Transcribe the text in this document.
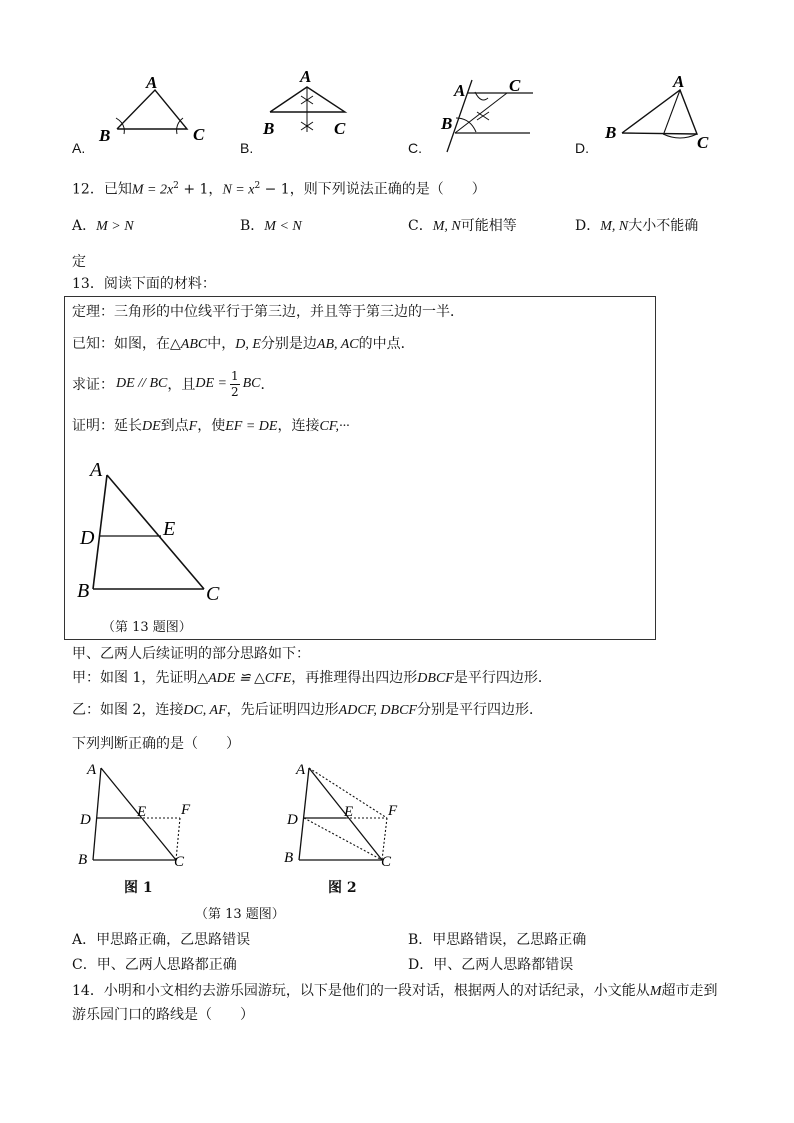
A
B	C
A
B	C
A	C
B
A
B
C
A.	B.	C.	D.
12．已知$M = 2x^2 + 1$，$N = x^2 - 1$，则下列说法正确的是（　　）
A．M > N	B．M < N	C．M, N可能相等	D．M, N大小不能确
定
13．阅读下面的材料：
定理：三角形的中位线平行于第三边，并且等于第三边的一半．
已知：如图，在△ABC中，D, E分别是边AB, AC的中点．
求证： DE // BC ，且 DE = $\frac{1}{2}$ BC ．
证明：延长DE到点F，使EF = DE，连接CF,···
A
D	E
B	C
（第 13 题图）
甲、乙两人后续证明的部分思路如下：
甲：如图 1，先证明△ADE ≌ △CFE，再推理得出四边形DBCF是平行四边形．
乙：如图 2，连接DC, AF，先后证明四边形ADCF, DBCF分别是平行四边形．
下列判断正确的是（　　）
A
D	E F
B	C
A
D	E F
B	C
图 1	图 2
（第 13 题图）
A．甲思路正确，乙思路错误	B．甲思路错误，乙思路正确
C．甲、乙两人思路都正确	D．甲、乙两人思路都错误
14．小明和小文相约去游乐园游玩，以下是他们的一段对话，根据两人的对话纪录，小文能从M超市走到
游乐园门口的路线是（　　）
